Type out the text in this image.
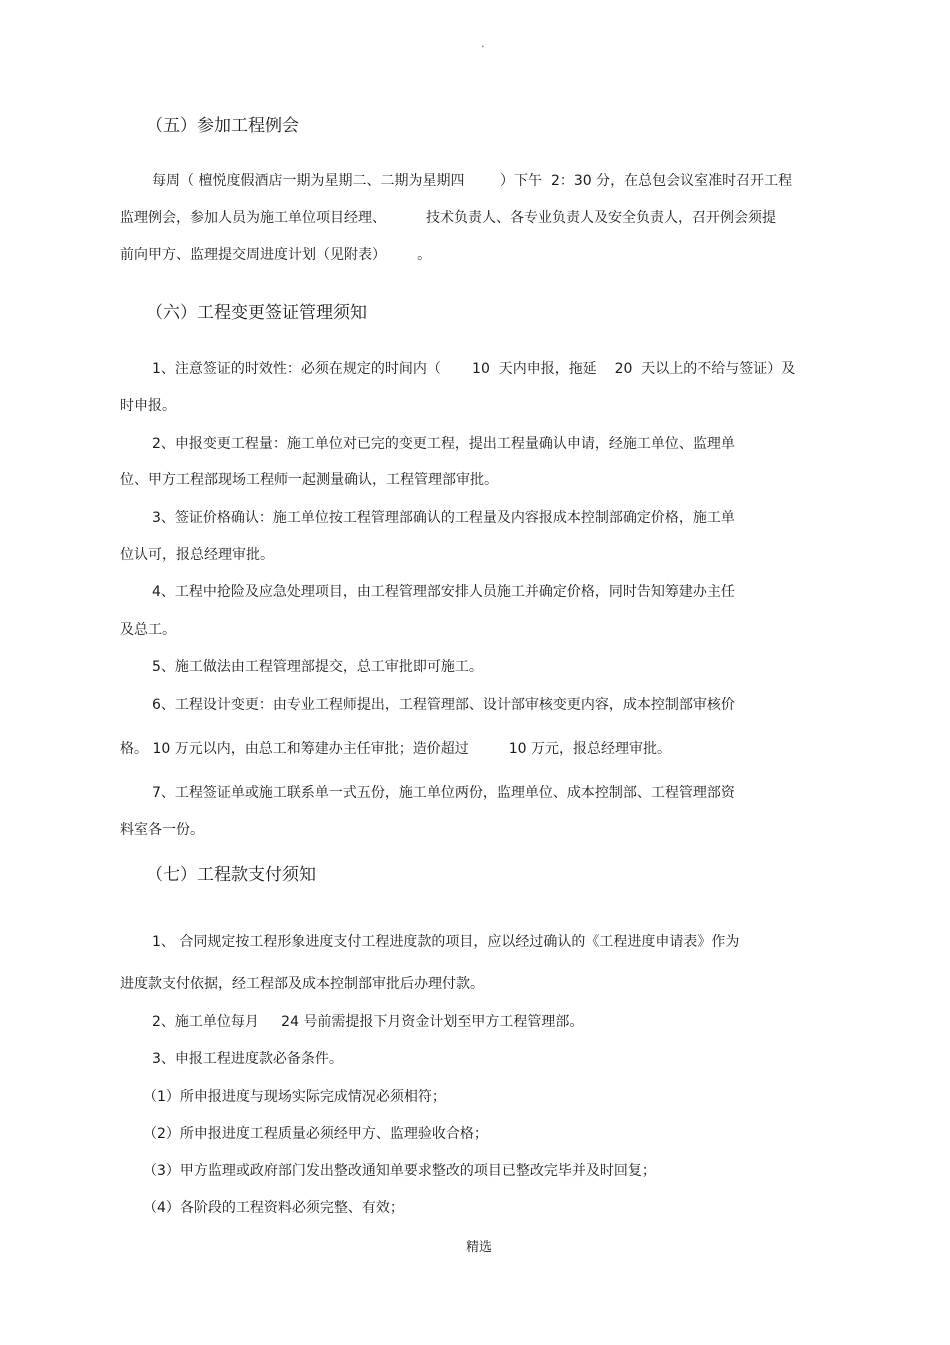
.
（五）参加工程例会
每周（ 檀悦度假酒店一期为星期二、二期为星期四        ）下午  2：30 分，在总包会议室准时召开工程
监理例会，参加人员为施工单位项目经理、         技术负责人、各专业负责人及安全负责人，召开例会须提
前向甲方、监理提交周进度计划（见附表）       。
（六）工程变更签证管理须知
1、注意签证的时效性：必须在规定的时间内（       10  天内申报，拖延    20  天以上的不给与签证）及
时申报。
2、申报变更工程量：施工单位对已完的变更工程，提出工程量确认申请，经施工单位、监理单
位、甲方工程部现场工程师一起测量确认，工程管理部审批。
3、签证价格确认：施工单位按工程管理部确认的工程量及内容报成本控制部确定价格，施工单
位认可，报总经理审批。
4、工程中抢险及应急处理项目，由工程管理部安排人员施工并确定价格，同时告知筹建办主任
及总工。
5、施工做法由工程管理部提交，总工审批即可施工。
6、工程设计变更：由专业工程师提出，工程管理部、设计部审核变更内容，成本控制部审核价
格。 10 万元以内，由总工和筹建办主任审批；造价超过         10 万元，报总经理审批。
7、工程签证单或施工联系单一式五份，施工单位两份，监理单位、成本控制部、工程管理部资
料室各一份。
（七）工程款支付须知
1、 合同规定按工程形象进度支付工程进度款的项目，应以经过确认的《工程进度申请表》作为
进度款支付依据，经工程部及成本控制部审批后办理付款。
2、施工单位每月     24 号前需提报下月资金计划至甲方工程管理部。
3、申报工程进度款必备条件。
（1）所申报进度与现场实际完成情况必须相符；
（2）所申报进度工程质量必须经甲方、监理验收合格；
（3）甲方监理或政府部门发出整改通知单要求整改的项目已整改完毕并及时回复；
（4）各阶段的工程资料必须完整、有效；
精选
